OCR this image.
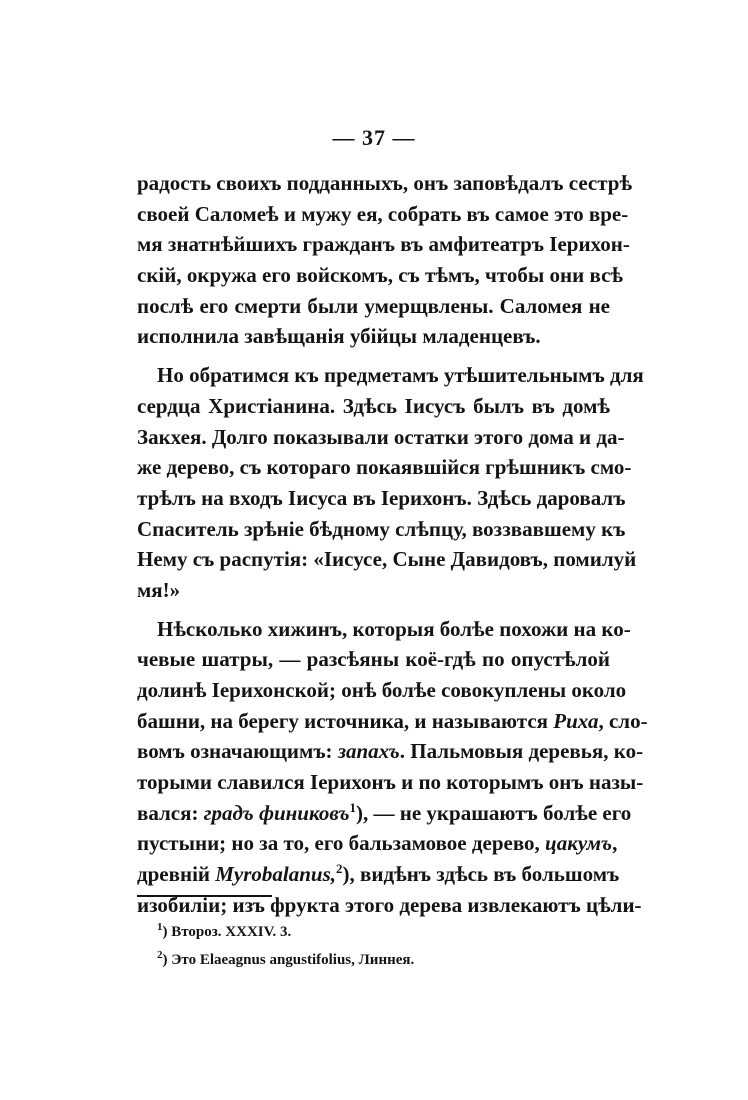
— 37 —
радость своихъ подданныхъ, онъ заповѣдалъ сестрѣ
своей Саломеѣ и мужу ея, собрать въ самое это вре-
мя знатнѣйшихъ гражданъ въ амфитеатръ Іерихон-
скій, окружа его войскомъ, съ тѣмъ, чтобы они всѣ
послѣ его смерти были умерщвлены. Саломея не
исполнила завѣщанія убійцы младенцевъ.
Но обратимся къ предметамъ утѣшительнымъ для
сердца Христіанина. Здѣсь Іисусъ былъ въ домѣ
Закхея. Долго показывали остатки этого дома и да-
же дерево, съ котораго покаявшійся грѣшникъ смо-
трѣлъ на входъ Іисуса въ Іерихонъ. Здѣсь даровалъ
Спаситель зрѣніе бѣдному слѣпцу, воззвавшему къ
Нему съ распутія: «Іисусе, Сыне Давидовъ, помилуй
мя!»
Нѣсколько хижинъ, которыя болѣе похожи на ко-
чевые шатры, — разсѣяны коё-гдѣ по опустѣлой
долинѣ Іерихонской; онѣ болѣе совокуплены около
башни, на берегу источника, и называются Риха, сло-
вомъ означающимъ: запахъ. Пальмовыя деревья, ко-
торыми славился Іерихонъ и по которымъ онъ назы-
вался: градъ финиковъ$^1$), — не украшаютъ болѣе его
пустыни; но за то, его бальзамовое дерево, цакумъ,
древній Myrobalanus,$^2$), видѣнъ здѣсь въ большомъ
изобиліи; изъ фрукта этого дерева извлекаютъ цѣли-
$^1$) Второз. XXXIV. 3.
$^2$) Это Elaeagnus angustifolius, Линнея.
